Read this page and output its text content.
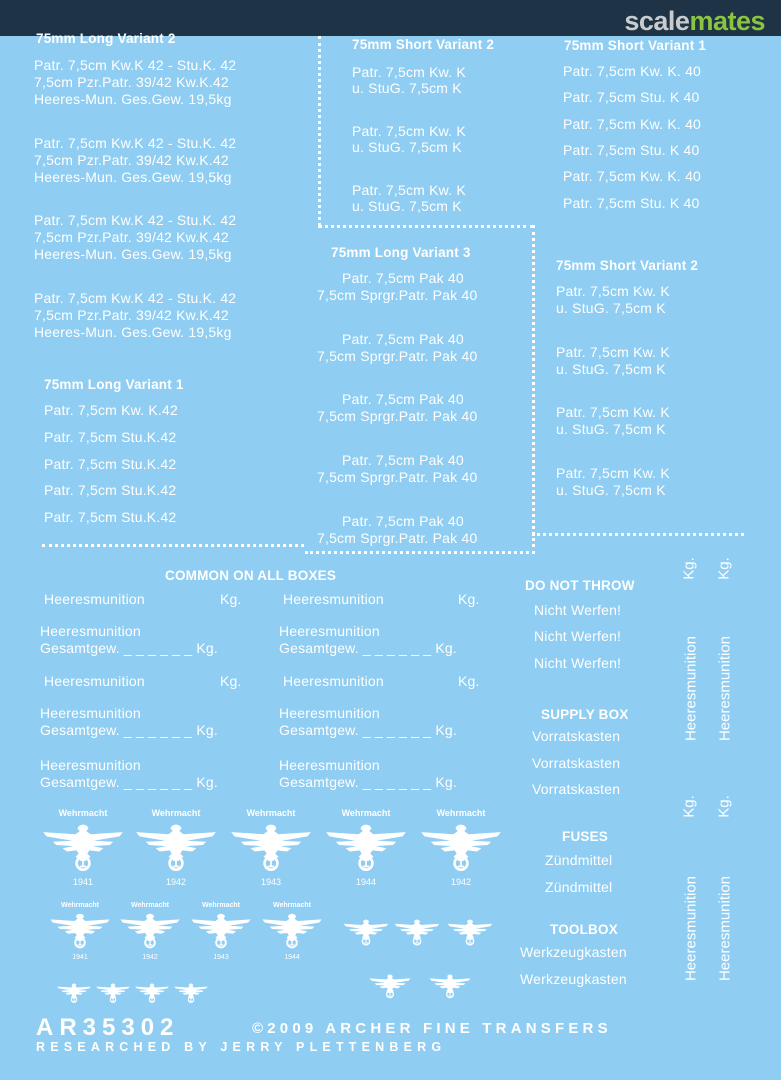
scalemates
75mm Long Variant 2
Patr. 7,5cm Kw.K 42 - Stu.K. 42
7,5cm Pzr.Patr. 39/42 Kw.K.42
Heeres-Mun. Ges.Gew. 19,5kg
Patr. 7,5cm Kw.K 42 - Stu.K. 42
7,5cm Pzr.Patr. 39/42 Kw.K.42
Heeres-Mun. Ges.Gew. 19,5kg
Patr. 7,5cm Kw.K 42 - Stu.K. 42
7,5cm Pzr.Patr. 39/42 Kw.K.42
Heeres-Mun. Ges.Gew. 19,5kg
Patr. 7,5cm Kw.K 42 - Stu.K. 42
7,5cm Pzr.Patr. 39/42 Kw.K.42
Heeres-Mun. Ges.Gew. 19,5kg
75mm Short Variant 2
Patr. 7,5cm Kw. K
u. StuG. 7,5cm K
Patr. 7,5cm Kw. K
u. StuG. 7,5cm K
Patr. 7,5cm Kw. K
u. StuG. 7,5cm K
75mm Short Variant 1
Patr. 7,5cm Kw. K. 40
Patr. 7,5cm Stu. K 40
Patr. 7,5cm Kw. K. 40
Patr. 7,5cm Stu. K 40
Patr. 7,5cm Kw. K. 40
Patr. 7,5cm Stu. K 40
75mm Long Variant 3
Patr. 7,5cm Pak 40
7,5cm Sprgr.Patr. Pak 40
Patr. 7,5cm Pak 40
7,5cm Sprgr.Patr. Pak 40
Patr. 7,5cm Pak 40
7,5cm Sprgr.Patr. Pak 40
Patr. 7,5cm Pak 40
7,5cm Sprgr.Patr. Pak 40
Patr. 7,5cm Pak 40
7,5cm Sprgr.Patr. Pak 40
75mm Short Variant 2
Patr. 7,5cm Kw. K
u. StuG. 7,5cm K
Patr. 7,5cm Kw. K
u. StuG. 7,5cm K
Patr. 7,5cm Kw. K
u. StuG. 7,5cm K
Patr. 7,5cm Kw. K
u. StuG. 7,5cm K
75mm Long Variant 1
Patr. 7,5cm Kw. K.42
Patr. 7,5cm Stu.K.42
Patr. 7,5cm Stu.K.42
Patr. 7,5cm Stu.K.42
Patr. 7,5cm Stu.K.42
COMMON ON ALL BOXES
Heeresmunition	Kg.	Heeresmunition	Kg.
Heeresmunition
Gesamtgew. _ _ _ _ _ _ Kg.
Heeresmunition
Gesamtgew. _ _ _ _ _ _ Kg.
Heeresmunition	Kg.	Heeresmunition	Kg.
Heeresmunition
Gesamtgew. _ _ _ _ _ _ Kg.
Heeresmunition
Gesamtgew. _ _ _ _ _ _ Kg.
Heeresmunition
Gesamtgew. _ _ _ _ _ _ Kg.
Heeresmunition
Gesamtgew. _ _ _ _ _ _ Kg.
DO NOT THROW
Nicht Werfen!
Nicht Werfen!
Nicht Werfen!
SUPPLY BOX
Vorratskasten
Vorratskasten
Vorratskasten
FUSES
Zündmittel
Zündmittel
TOOLBOX
Werkzeugkasten
Werkzeugkasten
Kg. Kg.
Heeresmunition Heeresmunition
Kg. Kg.
Heeresmunition Heeresmunition
Wehrmacht
1941
Wehrmacht
1942
Wehrmacht
1943
Wehrmacht
1944
Wehrmacht
1942
Wehrmacht
1941
Wehrmacht
1942
Wehrmacht
1943
Wehrmacht
1944
AR35302	©2009 ARCHER FINE TRANSFERS
RESEARCHED BY JERRY PLETTENBERG
